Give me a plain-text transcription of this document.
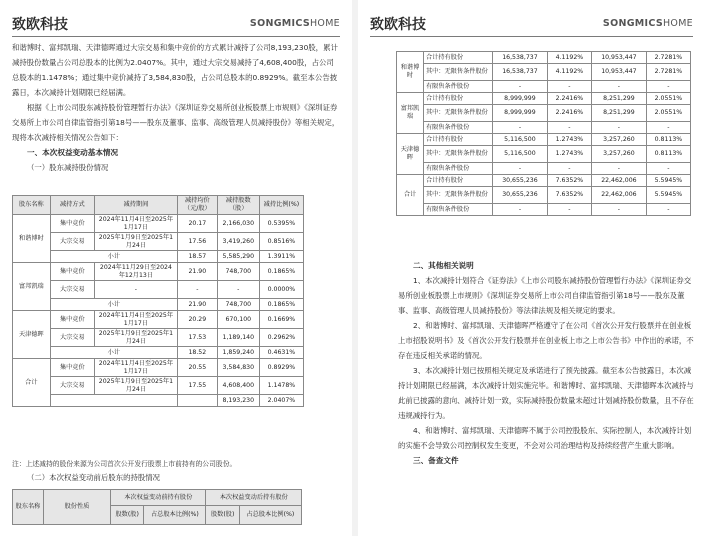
致欧科技	SONGMICSHOME

和谐博时、富邦凯瑞、天津德晖通过大宗交易和集中竞价的方式累计减持了公司8,193,230股，累计减持股份数量占公司总股本的比例为2.0407%。其中，通过大宗交易减持了4,608,400股，占公司总股本的1.1478%；通过集中竞价减持了3,584,830股，占公司总股本的0.8929%。截至本公告披露日，本次减持计划期限已经届满。

根据《上市公司股东减持股份管理暂行办法》《深圳证券交易所创业板股票上市规则》《深圳证券交易所上市公司自律监管指引第18号——股东及董事、监事、高级管理人员减持股份》等相关规定，现将本次减持相关情况公告如下：

一、本次权益变动基本情况

（一）股东减持股份情况

股东名称	减持方式	减持期间	减持均价（元/股）	减持股数（股）	减持比例(%)
和谐博时	集中竞价	2024年11月4日至2025年1月17日	20.17	2,166,030	0.5395%
	大宗交易	2025年1月9日至2025年1月24日	17.56	3,419,260	0.8516%
	小计		18.57	5,585,290	1.3911%
富邦凯瑞	集中竞价	2024年11月29日至2024年12月13日	21.90	748,700	0.1865%
	大宗交易	-	-	-	0.0000%
	小计		21.90	748,700	0.1865%
天津德晖	集中竞价	2024年11月4日至2025年1月17日	20.29	670,100	0.1669%
	大宗交易	2025年1月9日至2025年1月24日	17.53	1,189,140	0.2962%
	小计		18.52	1,859,240	0.4631%
合计	集中竞价	2024年11月4日至2025年1月17日	20.55	3,584,830	0.8929%
	大宗交易	2025年1月9日至2025年1月24日	17.55	4,608,400	1.1478%
				8,193,230	2.0407%
注：上述减持的股份来源为公司首次公开发行股票上市前持有的公司股份。

（二）本次权益变动前后股东的持股情况

股东名称	股份性质	本次权益变动前持有股份		本次权益变动后持有股份	
		股数(股)	占总股本比例(%)	股数(股)	占总股本比例(%)
致欧科技	SONGMICSHOME
和谐博时	合计持有股份	16,538,737	4.1192%	10,953,447	2.7281%
	其中：无限售条件股份	16,538,737	4.1192%	10,953,447	2.7281%
	有限售条件股份	-	-	-	-
富邦凯瑞	合计持有股份	8,999,999	2.2416%	8,251,299	2.0551%
	其中：无限售条件股份	8,999,999	2.2416%	8,251,299	2.0551%
	有限售条件股份	-	-	-	-
天津德晖	合计持有股份	5,116,500	1.2743%	3,257,260	0.8113%
	其中：无限售条件股份	5,116,500	1.2743%	3,257,260	0.8113%
	有限售条件股份	-	-	-	-
合计	合计持有股份	30,655,236	7.6352%	22,462,006	5.5945%
	其中：无限售条件股份	30,655,236	7.6352%	22,462,006	5.5945%
	有限售条件股份	-	-	-	-

二、其他相关说明

1、本次减持计划符合《证券法》《上市公司股东减持股份管理暂行办法》《深圳证券交易所创业板股票上市规则》《深圳证券交易所上市公司自律监管指引第18号——股东及董事、监事、高级管理人员减持股份》等法律法规及相关规定的要求。

2、和谐博时、富邦凯瑞、天津德晖严格遵守了在公司《首次公开发行股票并在创业板上市招股说明书》及《首次公开发行股票并在创业板上市之上市公告书》中作出的承诺，不存在违反相关承诺的情况。

3、本次减持计划已按照相关规定及承诺进行了预先披露。截至本公告披露日，本次减持计划期限已经届满，本次减持计划实施完毕。和谐博时、富邦凯瑞、天津德晖本次减持与此前已披露的意向、减持计划一致，实际减持股份数量未超过计划减持股份数量，且不存在违规减持行为。

4、和谐博时、富邦凯瑞、天津德晖不属于公司控股股东、实际控制人，本次减持计划的实施不会导致公司控制权发生变更，不会对公司治理结构及持续经营产生重大影响。

三、备查文件
